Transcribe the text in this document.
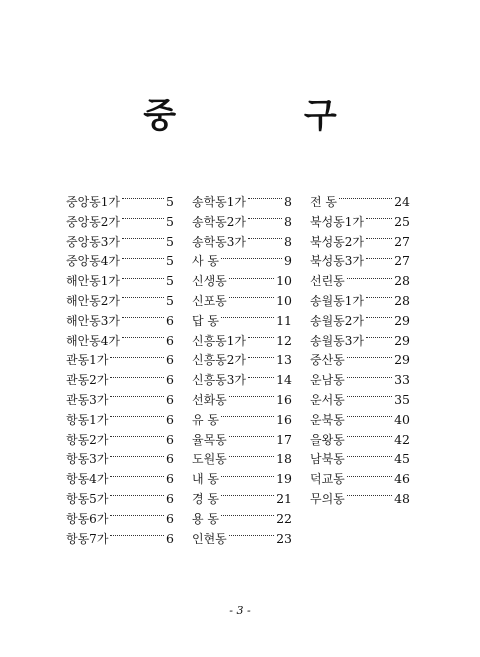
중 구
중앙동1가	5
중앙동2가	5
중앙동3가	5
중앙동4가	5
해안동1가	5
해안동2가	5
해안동3가	6
해안동4가	6
관동1가	6
관동2가	6
관동3가	6
항동1가	6
항동2가	6
항동3가	6
항동4가	6
항동5가	6
항동6가	6
항동7가	6
송학동1가	8
송학동2가	8
송학동3가	8
사 동	9
신생동	10
신포동	10
답 동	11
신흥동1가 12
신흥동2가 13
신흥동3가 14
선화동	16
유 동	16
율목동	17
도원동	18
내 동	19
경 동	21
용 동	22
인현동	23
전 동	24
북성동1가 25
북성동2가 27
북성동3가 27
선린동	28
송월동1가 28
송월동2가 29
송월동3가 29
중산동	29
운남동	33
운서동	35
운북동	40
을왕동	42
남북동	45
덕교동	46
무의동	48
- 3 -
